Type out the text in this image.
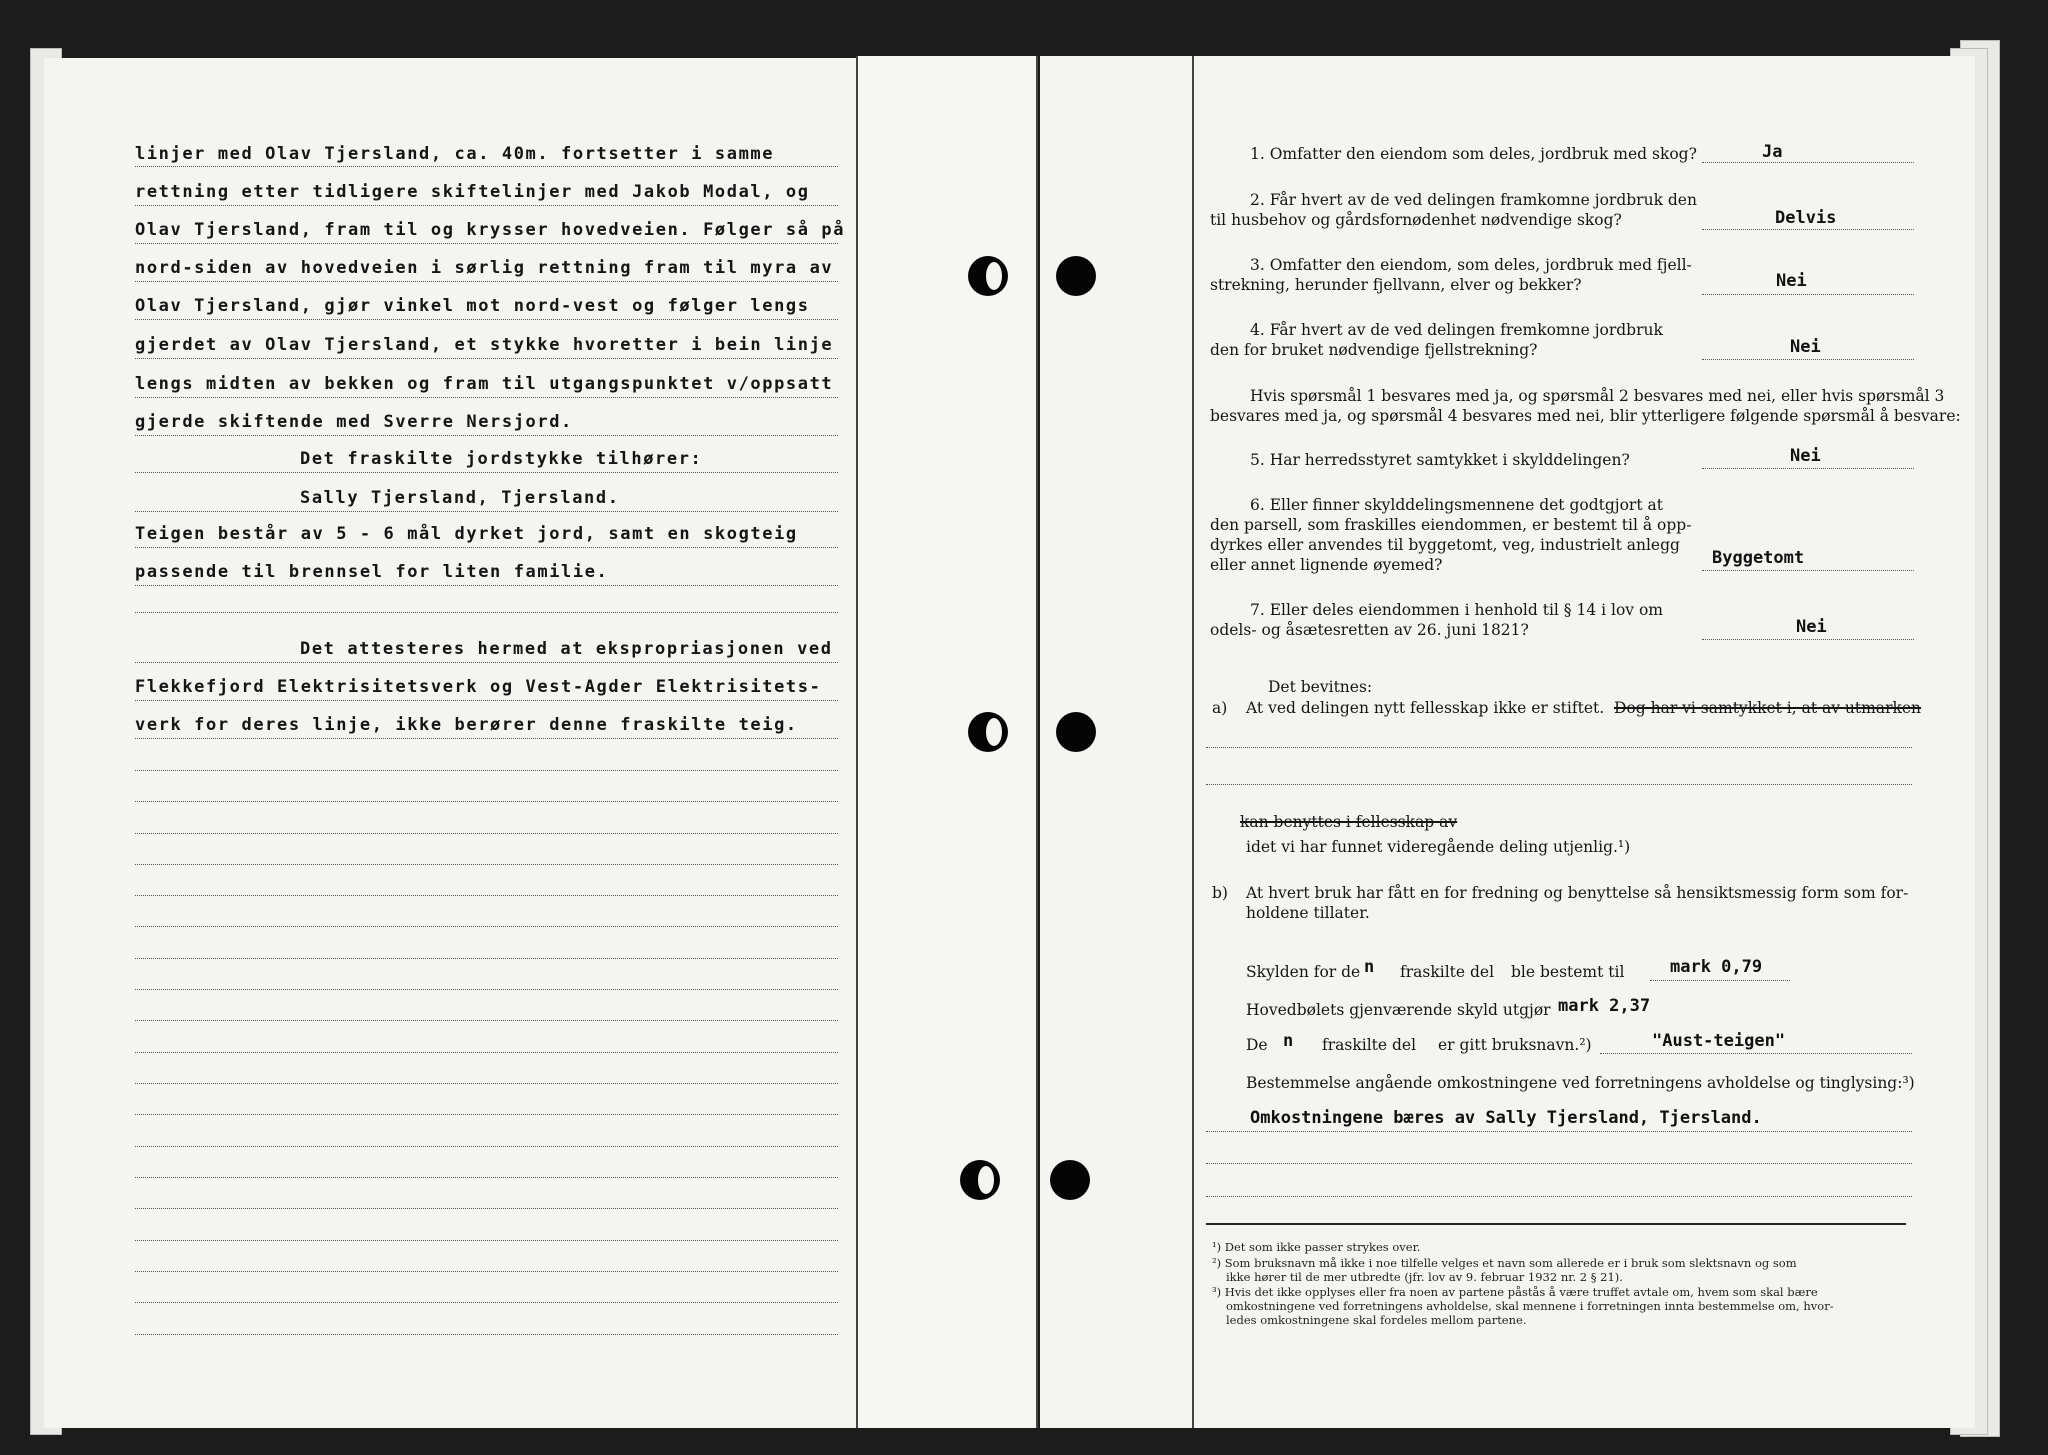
linjer med Olav Tjersland, ca. 40m. fortsetter i samme
rettning etter tidligere skiftelinjer med Jakob Modal, og
Olav Tjersland, fram til og krysser hovedveien. Følger så på
nord-siden av hovedveien i sørlig rettning fram til myra av
Olav Tjersland, gjør vinkel mot nord-vest og følger lengs
gjerdet av Olav Tjersland, et stykke hvoretter i bein linje
lengs midten av bekken og fram til utgangspunktet v/oppsatt
gjerde skiftende med Sverre Nersjord.
Det fraskilte jordstykke tilhører:
Sally Tjersland, Tjersland.
Teigen består av 5 - 6 mål dyrket jord, samt en skogteig
passende til brennsel for liten familie.
Det attesteres hermed at ekspropriasjonen ved
Flekkefjord Elektrisitetsverk og Vest-Agder Elektrisitets-
verk for deres linje, ikke berører denne fraskilte teig.
1. Omfatter den eiendom som deles, jordbruk med skog?	Ja
2. Får hvert av de ved delingen framkomne jordbruk den
til husbehov og gårdsfornødenhet nødvendige skog?	Delvis
3. Omfatter den eiendom, som deles, jordbruk med fjell-
strekning, herunder fjellvann, elver og bekker?	Nei
4. Får hvert av de ved delingen fremkomne jordbruk
den for bruket nødvendige fjellstrekning?	Nei
Hvis spørsmål 1 besvares med ja, og spørsmål 2 besvares med nei, eller hvis spørsmål 3
besvares med ja, og spørsmål 4 besvares med nei, blir ytterligere følgende spørsmål å besvare:
5. Har herredsstyret samtykket i skylddelingen?	Nei
6. Eller finner skylddelingsmennene det godtgjort at
den parsell, som fraskilles eiendommen, er bestemt til å opp-
dyrkes eller anvendes til byggetomt, veg, industrielt anlegg
eller annet lignende øyemed?	Byggetomt
7. Eller deles eiendommen i henhold til § 14 i lov om
odels- og åsætesretten av 26. juni 1821?	Nei
Det bevitnes:
a) At ved delingen nytt fellesskap ikke er stiftet. Dog har vi samtykket i, at av utmarken
kan benyttes i fellesskap av
idet vi har funnet videregående deling utjenlig.¹)
b) At hvert bruk har fått en for fredning og benyttelse så hensiktsmessig form som for-
holdene tillater.
Skylden for de n fraskilte del ble bestemt til	mark 0,79
Hovedbølets gjenværende skyld utgjør mark 2,37
De n fraskilte del er gitt bruksnavn.²)	"Aust-teigen"
Bestemmelse angående omkostningene ved forretningens avholdelse og tinglysing:³)
Omkostningene bæres av Sally Tjersland, Tjersland.
¹) Det som ikke passer strykes over.
²) Som bruksnavn må ikke i noe tilfelle velges et navn som allerede er i bruk som slektsnavn og som
ikke hører til de mer utbredte (jfr. lov av 9. februar 1932 nr. 2 § 21).
³) Hvis det ikke opplyses eller fra noen av partene påstås å være truffet avtale om, hvem som skal bære
omkostningene ved forretningens avholdelse, skal mennene i forretningen innta bestemmelse om, hvor-
ledes omkostningene skal fordeles mellom partene.
